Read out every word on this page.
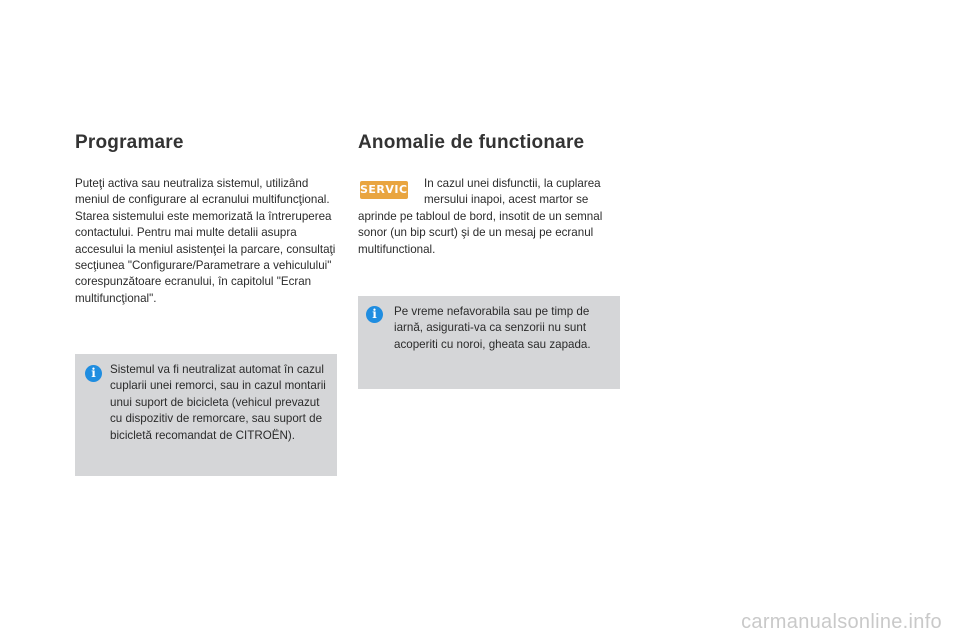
Programare

Puteţi activa sau neutraliza sistemul, utilizând meniul de configurare al ecranului multifuncţional. Starea sistemului este memorizată la întreruperea contactului. Pentru mai multe detalii asupra accesului la meniul asistenţei la parcare, consultaţi secţiunea "Configurare/Parametrare a vehiculului" corespunzătoare ecranului, în capitolul "Ecran multifuncţional".

i	Sistemul va fi neutralizat automat în cazul cuplarii unei remorci, sau in cazul montarii unui suport de bicicleta (vehicul prevazut cu dispozitiv de remorcare, sau suport de bicicletă recomandat de CITROËN).
Anomalie de functionare
SERVICE In cazul unei disfunctii, la cuplarea
mersului inapoi, acest martor se
aprinde pe tabloul de bord, insotit de un semnal sonor (un bip scurt) şi de un mesaj pe ecranul multifunctional.
i	Pe vreme nefavorabila sau pe timp de iarnă, asigurati-va ca senzorii nu sunt acoperiti cu noroi, gheata sau zapada.
carmanualsonline.info
